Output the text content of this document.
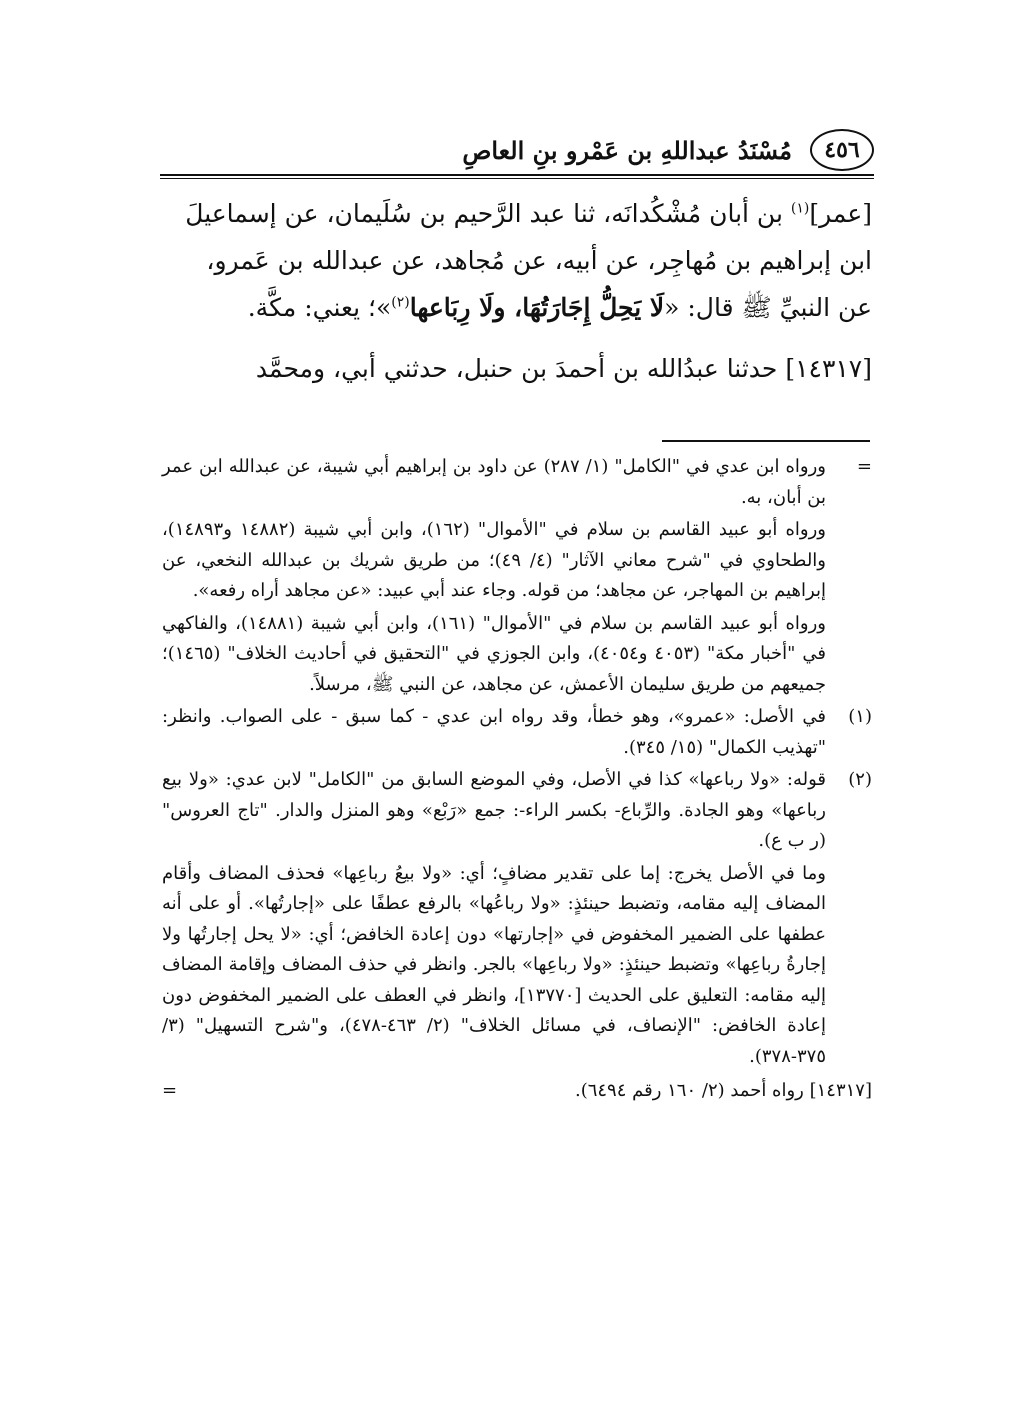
٤٥٦
مُسْنَدُ عبداللهِ بن عَمْرو بنِ العاصِ

[عمر]$^{(١)}$ بن أبان مُشْكُدانَه، ثنا عبد الرَّحيم بن سُلَيمان، عن إسماعيلَ

ابن إبراهيم بن مُهاجِر، عن أبيه، عن مُجاهد، عن عبدالله بن عَمرو،

عن النبيِّ ﷺ قال: «لَا يَحِلُّ إِجَارَتُهَا، ولَا رِبَاعها$^{(٢)}$»؛ يعني: مكَّة.

[١٤٣١٧] حدثنا عبدُالله بن أحمدَ بن حنبل، حدثني أبي، ومحمَّد

=

ورواه ابن عدي في "الكامل" (١/ ٢٨٧) عن داود بن إبراهيم أبي شيبة، عن عبدالله ابن عمر بن أبان، به.

ورواه أبو عبيد القاسم بن سلام في "الأموال" (١٦٢)، وابن أبي شيبة (١٤٨٨٢ و١٤٨٩٣)، والطحاوي في "شرح معاني الآثار" (٤/ ٤٩)؛ من طريق شريك بن عبدالله النخعي، عن إبراهيم بن المهاجر، عن مجاهد؛ من قوله. وجاء عند أبي عبيد: «عن مجاهد أراه رفعه».

ورواه أبو عبيد القاسم بن سلام في "الأموال" (١٦١)، وابن أبي شيبة (١٤٨٨١)، والفاكهي في "أخبار مكة" (٤٠٥٣ و٤٠٥٤)، وابن الجوزي في "التحقيق في أحاديث الخلاف" (١٤٦٥)؛ جميعهم من طريق سليمان الأعمش، عن مجاهد، عن النبي ﷺ، مرسلاً.

(١)

في الأصل: «عمرو»، وهو خطأ، وقد رواه ابن عدي - كما سبق - على الصواب. وانظر: "تهذيب الكمال" (١٥/ ٣٤٥).

(٢)

قوله: «ولا رباعها» كذا في الأصل، وفي الموضع السابق من "الكامل" لابن عدي: «ولا بيع رباعها» وهو الجادة. والرِّباع- بكسر الراء-: جمع «رَبْع» وهو المنزل والدار. "تاج العروس" (ر ب ع).

وما في الأصل يخرج: إما على تقدير مضافٍ؛ أي: «ولا بيعُ رباعِها» فحذف المضاف وأقام المضاف إليه مقامه، وتضبط حينئذٍ: «ولا رباعُها» بالرفع عطفًا على «إجارتُها». أو على أنه عطفها على الضمير المخفوض في «إجارتها» دون إعادة الخافض؛ أي: «لا يحل إجارتُها ولا إجارةُ رباعِها» وتضبط حينئذٍ: «ولا رباعِها» بالجر. وانظر في حذف المضاف وإقامة المضاف إليه مقامه: التعليق على الحديث [١٣٧٧٠]، وانظر في العطف على الضمير المخفوض دون إعادة الخافض: "الإنصاف، في مسائل الخلاف" (٢/ ٤٦٣-٤٧٨)، و"شرح التسهيل" (٣/ ٣٧٥-٣٧٨).

[١٤٣١٧] رواه أحمد (٢/ ١٦٠ رقم ٦٤٩٤).
=
